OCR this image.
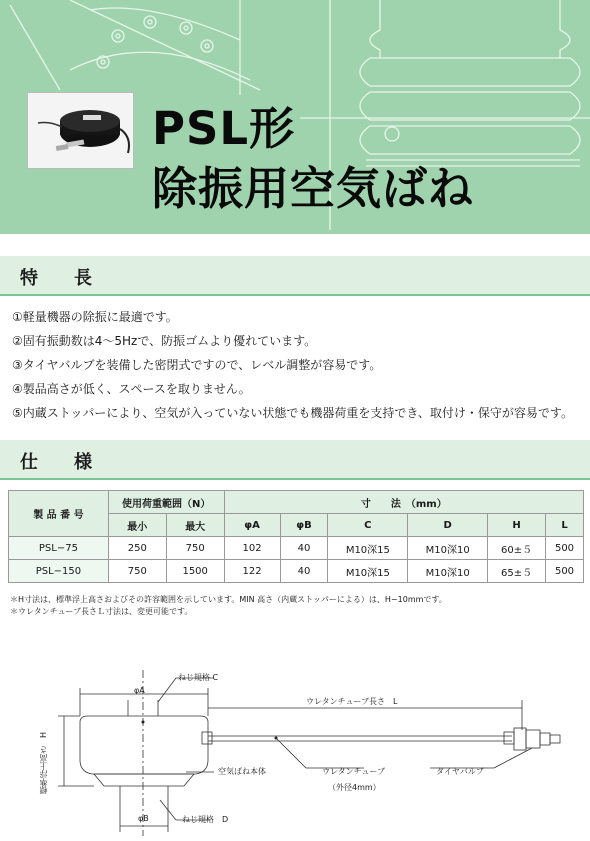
PSL形
除振用空気ばね
特　　長
①軽量機器の除振に最適です。
②固有振動数は4～5Hzで、防振ゴムより優れています。
③タイヤバルブを装備した密閉式ですので、レベル調整が容易です。
④製品高さが低く、スペースを取りません。
⑤内蔵ストッパーにより、空気が入っていない状態でも機器荷重を支持でき、取付け・保守が容易です。
仕　　様
製 品 番 号	使用荷重範囲（N）		寸　　法　（mm）					
	最小	最大	φA	φB	C	D	H	L
PSL−75	250	750	102	40	M10深15	M10深10	60±５	500
PSL−150	750	1500	122	40	M10深15	M10深10	65±５	500
＊H寸法は、標準浮上高さおよびその許容範囲を示しています。MIN 高さ（内蔵ストッパーによる）は、H−10mmです。
＊ウレタンチューブ長さＬ寸法は、変更可能です。
ねじ規格 C
φA
ウレタンチューブ長さ　L
標準浮上高さ　H	空気ばね本体	ウレタンチューブ
（外径4mm）
タイヤバルブ
φB	ねじ規格　D
